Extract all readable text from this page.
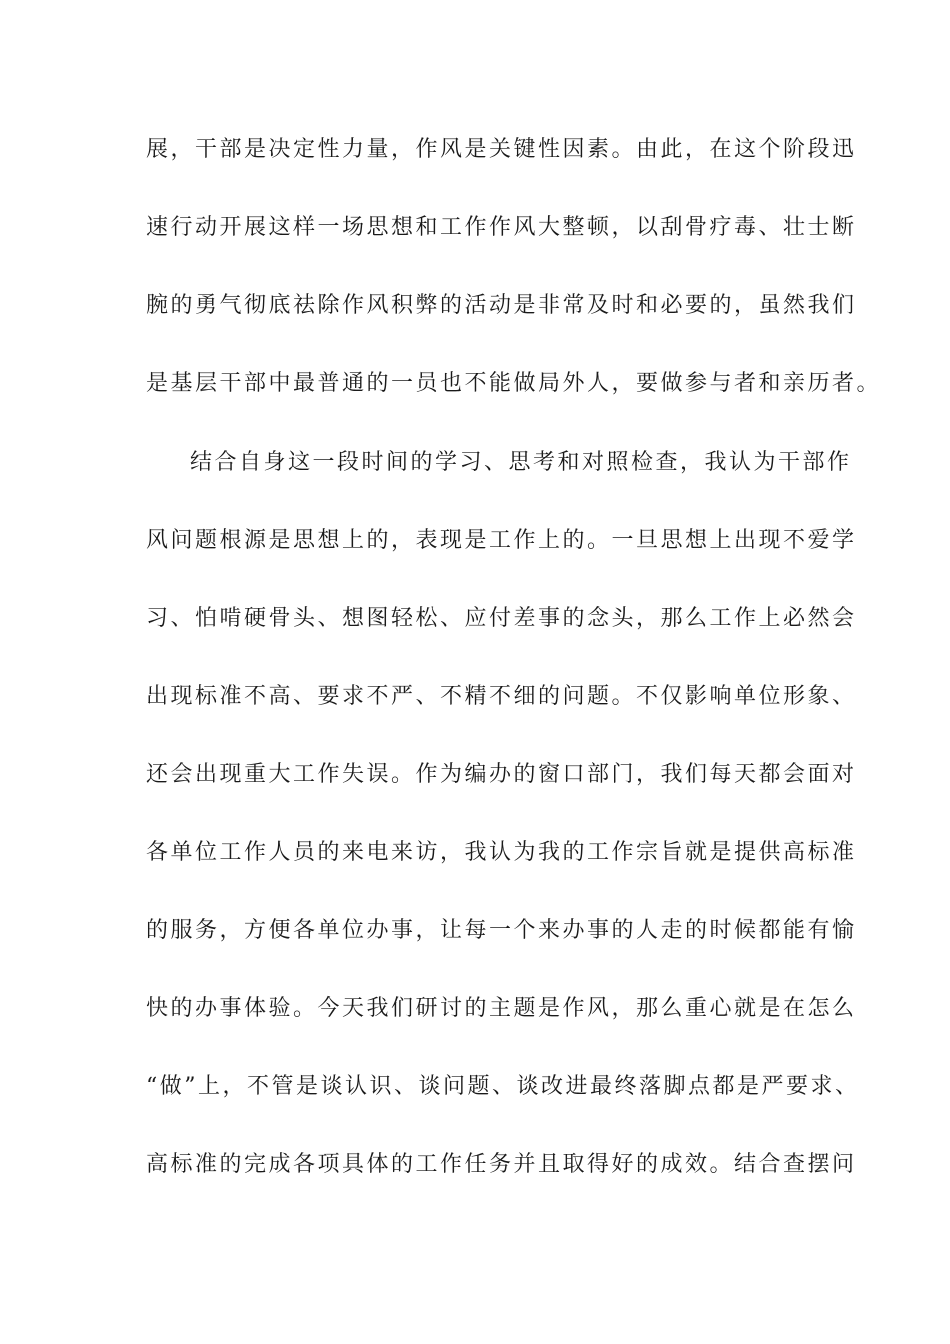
展，干部是决定性力量，作风是关键性因素。由此，在这个阶段迅
速行动开展这样一场思想和工作作风大整顿，以刮骨疗毒、壮士断
腕的勇气彻底祛除作风积弊的活动是非常及时和必要的，虽然我们
是基层干部中最普通的一员也不能做局外人，要做参与者和亲历者。
结合自身这一段时间的学习、思考和对照检查，我认为干部作
风问题根源是思想上的，表现是工作上的。一旦思想上出现不爱学
习、怕啃硬骨头、想图轻松、应付差事的念头，那么工作上必然会
出现标准不高、要求不严、不精不细的问题。不仅影响单位形象、
还会出现重大工作失误。作为编办的窗口部门，我们每天都会面对
各单位工作人员的来电来访，我认为我的工作宗旨就是提供高标准
的服务，方便各单位办事，让每一个来办事的人走的时候都能有愉
快的办事体验。今天我们研讨的主题是作风，那么重心就是在怎么
“做”上，不管是谈认识、谈问题、谈改进最终落脚点都是严要求、
高标准的完成各项具体的工作任务并且取得好的成效。结合查摆问
